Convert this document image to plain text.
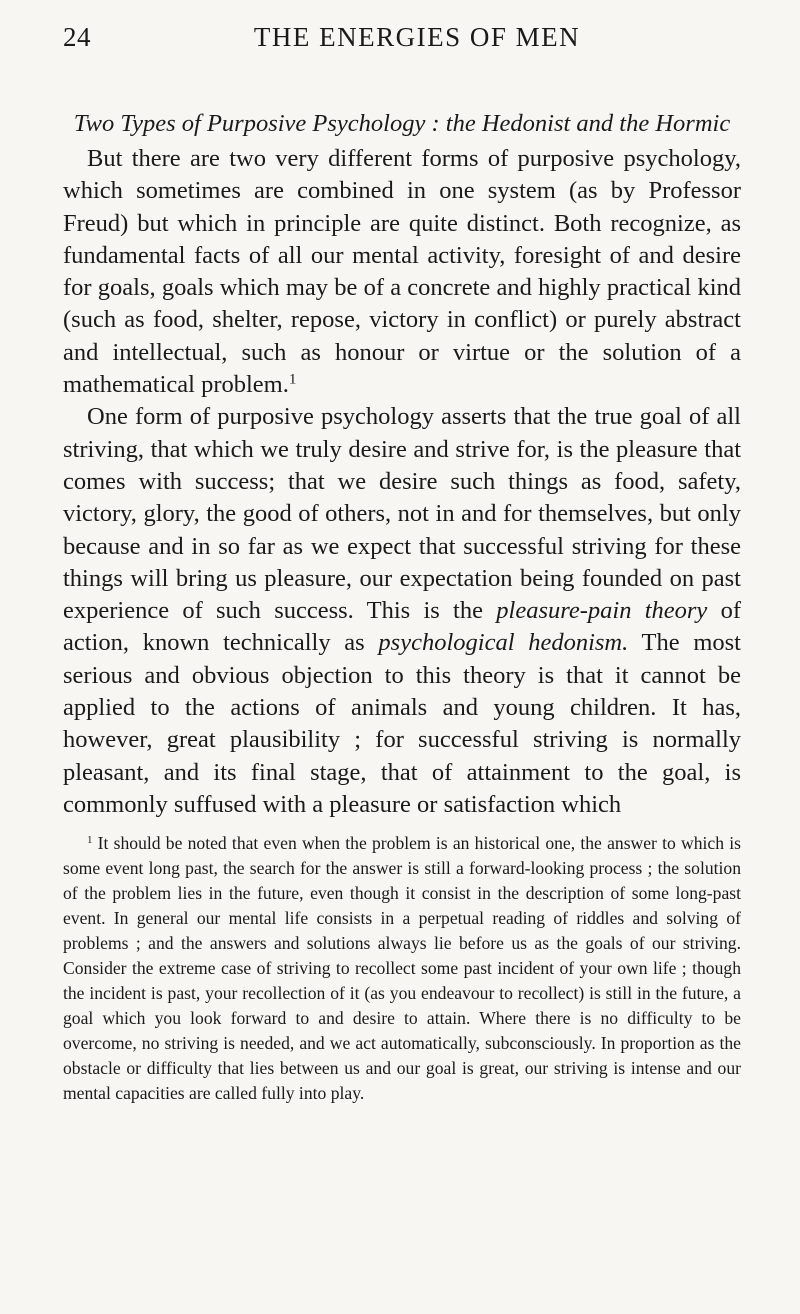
24	THE ENERGIES OF MEN
Two Types of Purposive Psychology : the Hedonist and the Hormic

But there are two very different forms of purposive psychology, which sometimes are combined in one system (as by Professor Freud) but which in principle are quite distinct. Both recognize, as fundamental facts of all our mental activity, foresight of and desire for goals, goals which may be of a concrete and highly practical kind (such as food, shelter, repose, victory in conflict) or purely abstract and intellectual, such as honour or virtue or the solution of a mathematical problem.$^1$

One form of purposive psychology asserts that the true goal of all striving, that which we truly desire and strive for, is the pleasure that comes with success; that we desire such things as food, safety, victory, glory, the good of others, not in and for themselves, but only because and in so far as we expect that successful striving for these things will bring us pleasure, our expectation being founded on past experience of such success. This is the pleasure-pain theory of action, known technically as psychological hedonism. The most serious and obvious objection to this theory is that it cannot be applied to the actions of animals and young children. It has, however, great plausibility ; for successful striving is normally pleasant, and its final stage, that of attainment to the goal, is commonly suffused with a pleasure or satisfaction which

$^1$ It should be noted that even when the problem is an historical one, the answer to which is some event long past, the search for the answer is still a forward-looking process ; the solution of the problem lies in the future, even though it consist in the description of some long-past event. In general our mental life consists in a perpetual reading of riddles and solving of problems ; and the answers and solutions always lie before us as the goals of our striving. Consider the extreme case of striving to recollect some past incident of your own life ; though the incident is past, your recollection of it (as you endeavour to recollect) is still in the future, a goal which you look forward to and desire to attain. Where there is no difficulty to be overcome, no striving is needed, and we act automatically, subconsciously. In proportion as the obstacle or difficulty that lies between us and our goal is great, our striving is intense and our mental capacities are called fully into play.
